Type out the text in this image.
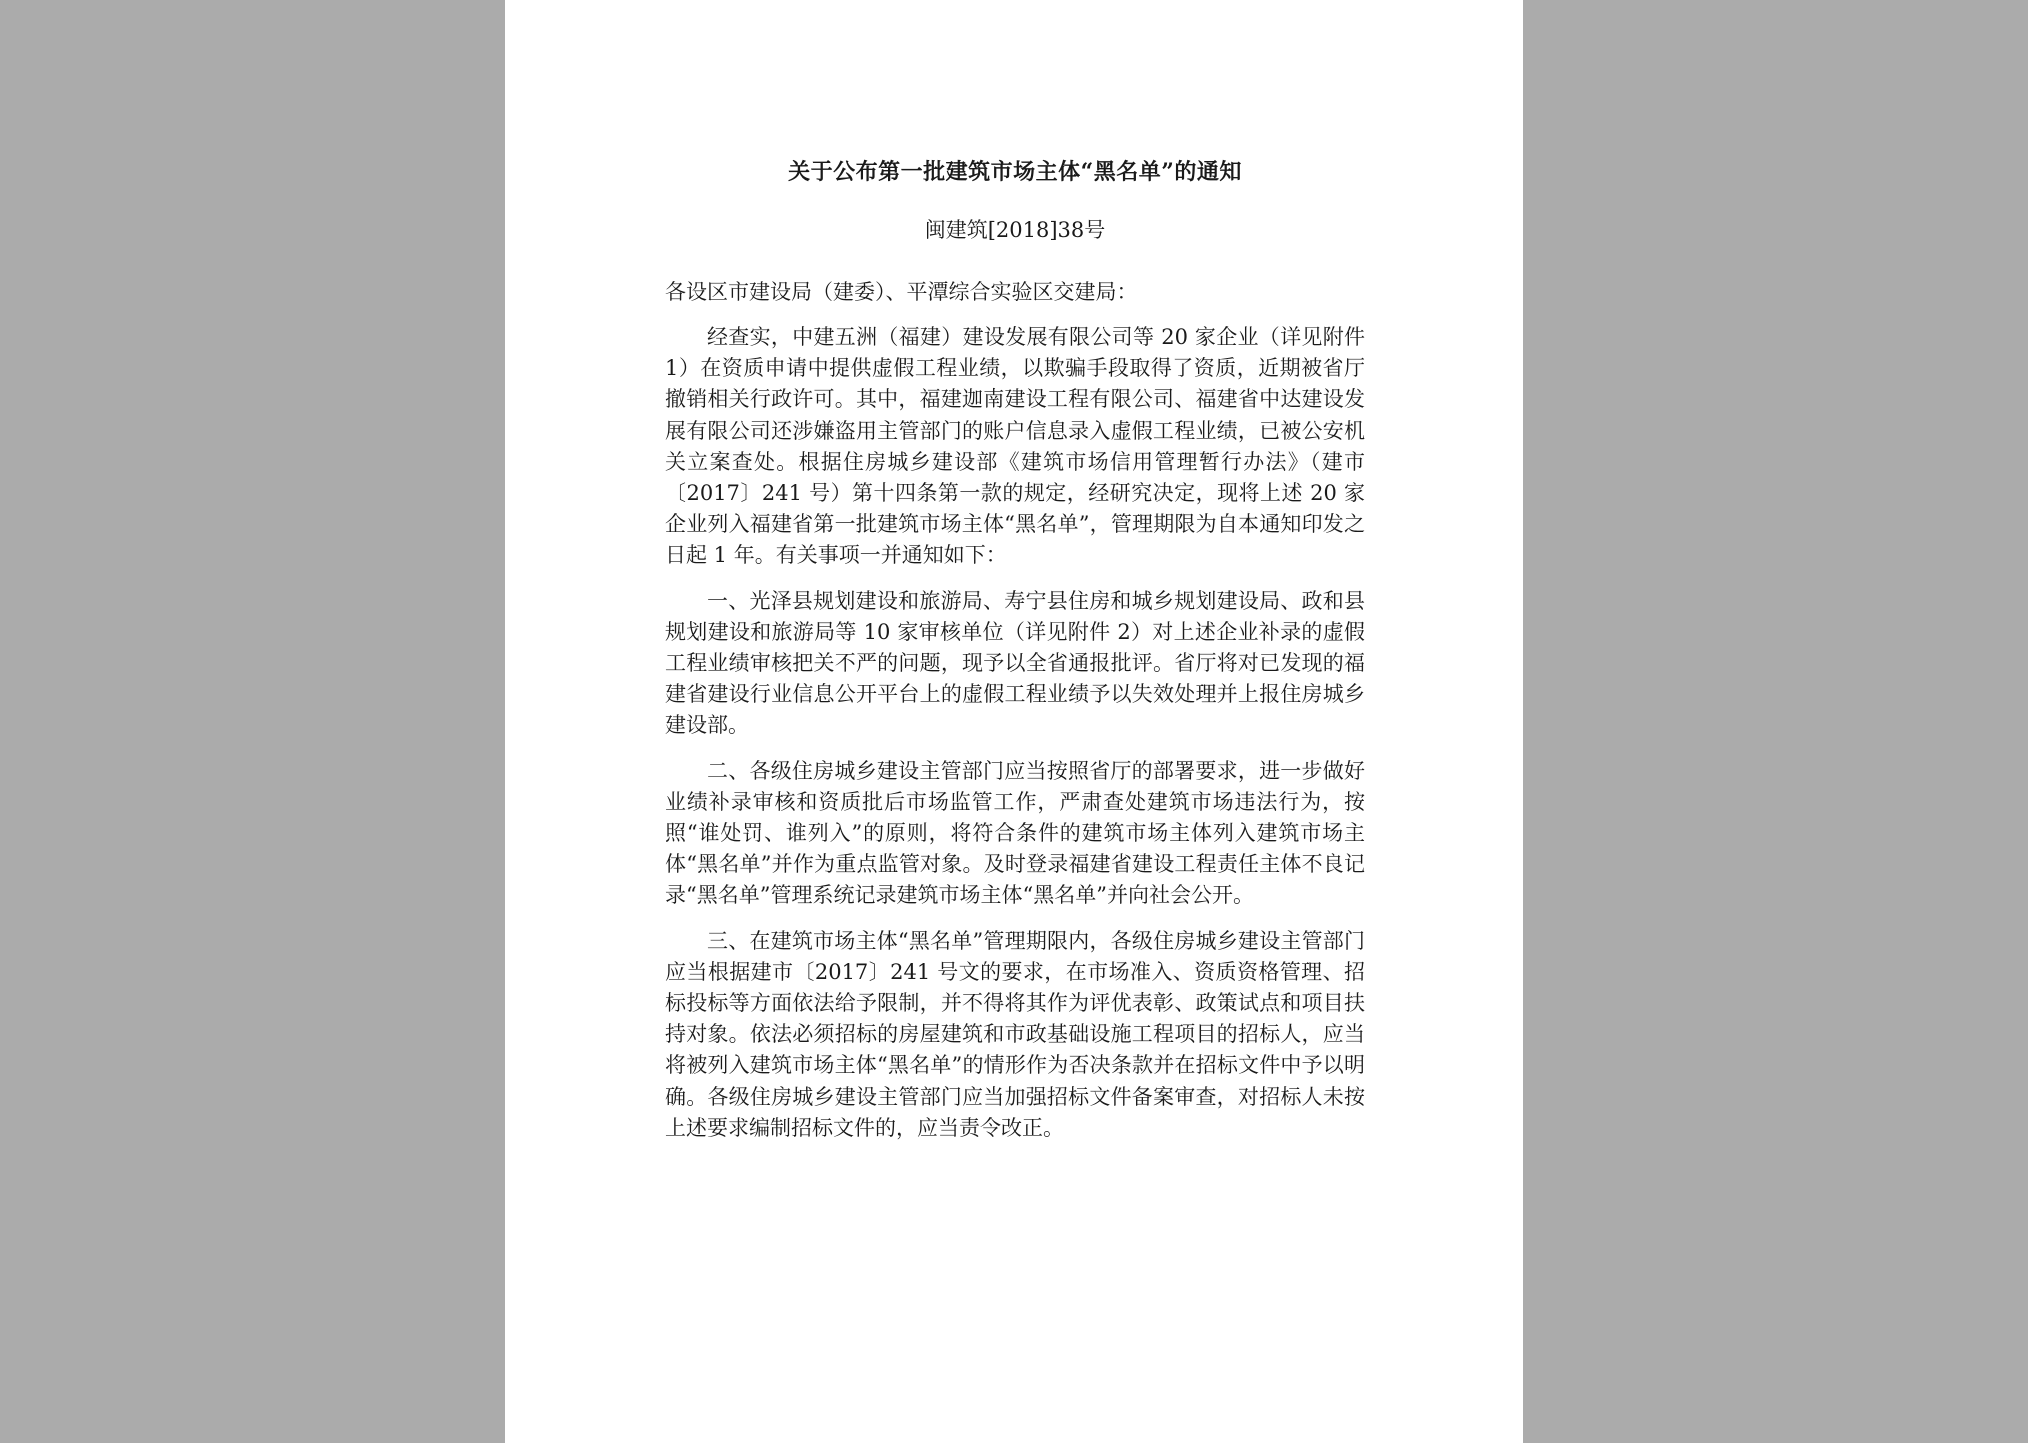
关于公布第一批建筑市场主体“黑名单”的通知

闽建筑[2018]38号

各设区市建设局（建委）、平潭综合实验区交建局：

经查实，中建五洲（福建）建设发展有限公司等 20 家企业（详见附件 1）在资质申请中提供虚假工程业绩，以欺骗手段取得了资质，近期被省厅撤销相关行政许可。其中，福建迦南建设工程有限公司、福建省中达建设发展有限公司还涉嫌盗用主管部门的账户信息录入虚假工程业绩，已被公安机关立案查处。根据住房城乡建设部《建筑市场信用管理暂行办法》（建市〔2017〕241 号）第十四条第一款的规定，经研究决定，现将上述 20 家企业列入福建省第一批建筑市场主体“黑名单”，管理期限为自本通知印发之日起 1 年。有关事项一并通知如下：

一、光泽县规划建设和旅游局、寿宁县住房和城乡规划建设局、政和县规划建设和旅游局等 10 家审核单位（详见附件 2）对上述企业补录的虚假工程业绩审核把关不严的问题，现予以全省通报批评。省厅将对已发现的福建省建设行业信息公开平台上的虚假工程业绩予以失效处理并上报住房城乡建设部。

二、各级住房城乡建设主管部门应当按照省厅的部署要求，进一步做好业绩补录审核和资质批后市场监管工作，严肃查处建筑市场违法行为，按照“谁处罚、谁列入”的原则，将符合条件的建筑市场主体列入建筑市场主体“黑名单”并作为重点监管对象。及时登录福建省建设工程责任主体不良记录“黑名单”管理系统记录建筑市场主体“黑名单”并向社会公开。

三、在建筑市场主体“黑名单”管理期限内，各级住房城乡建设主管部门应当根据建市〔2017〕241 号文的要求，在市场准入、资质资格管理、招标投标等方面依法给予限制，并不得将其作为评优表彰、政策试点和项目扶持对象。依法必须招标的房屋建筑和市政基础设施工程项目的招标人，应当将被列入建筑市场主体“黑名单”的情形作为否决条款并在招标文件中予以明确。各级住房城乡建设主管部门应当加强招标文件备案审查，对招标人未按上述要求编制招标文件的，应当责令改正。
